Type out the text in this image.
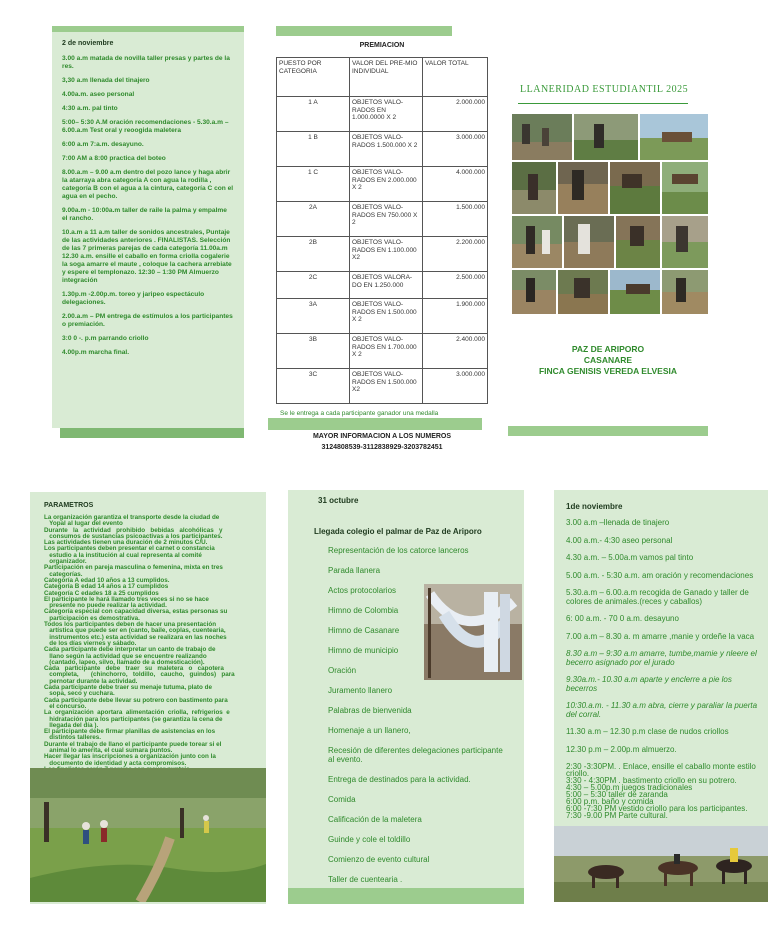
2 de noviembre
3.00 a.m matada de novilla taller presas y partes de la res.
3,30 a.m llenada del tinajero
4.00a.m. aseo personal
4:30 a.m. pal tinto
5:00– 5:30 A.M oración recomendaciones - 5.30.a.m – 6.00.a.m Test oral y reoogida maletera
6:00 a.m 7:a.m. desayuno.
7:00 AM a 8:00 practica del boteo
8.00.a.m – 9.00 a.m dentro del pozo lance y haga abrir la atarraya abra categoría A con agua la rodilla , categoría B con el agua a la cintura, categoría C con el agua en el pecho.
9.00a.m - 10:00a.m taller de raile la palma y empalme el rancho.
10.a.m a 11 a.m taller de sonidos ancestrales, Puntaje de las actividades anteriores . FINALISTAS. Selección de las 7 primeras parejas de cada categoría 11.00a.m 12.30 a.m. ensille el caballo en forma criolla cogalerie la soga amarre el maute , coloque la cachera arrebiate y espere el templonazo. 12:30 – 1:30 PM Almuerzo integración
1.30p.m -2.00p.m. toreo y jaripeo espectáculo delegaciones.
2.00.a.m – PM entrega de estímulos a los participantes o premiación.
3:0 0 -. p.m parrando criollo
4.00p.m marcha final.
PREMIACION
PUESTO POR CATEGORIA	VALOR DEL PRE-MIO INDIVIDUAL	VALOR TOTAL
1 A	OBJETOS VALO-RADOS EN 1.000.0000 X 2	2.000.000
1 B	OBJETOS VALO-RADOS 1.500.000 X 2	3.000.000
1 C	OBJETOS VALO-RADOS EN 2.000.000 X 2	4.000.000
2A	OBJETOS VALO-RADOS EN 750.000 X 2	1.500.000
2B	OBJETOS VALO-RADOS EN 1.100.000 X2	2.200.000
2C	OBJETOS VALORA-DO EN 1.250.000	2.500.000
3A	OBJETOS VALO-RADOS EN 1.500.000 X 2	1.900.000
3B	OBJETOS VALO-RADOS EN 1.700.000 X 2	2.400.000
3C	OBJETOS VALO-RADOS EN 1.500.000 X2	3.000.000
Se le entrega a cada participante ganador una medalla
MAYOR INFORMACION A LOS NUMEROS
3124808539-3112838929-3203782451
LLANERIDAD ESTUDIANTIL 2025
PAZ DE ARIPORO
CASANARE
FINCA GENISIS VEREDA ELVESIA
PARAMETROS
La organización garantiza el transporte desde la ciudad de
Yopal al lugar del evento
Durante   la   actividad   prohibido   bebidas   alcohólicas   y
consumos de sustancias psicoactivas a los participantes.
Las actividades tienen una duración de 2 minutos C/U.
Los participantes deben presentar el carnet o constancia
estudio a la institución al cual representa al comité
organizador.
Participación en pareja masculina o femenina, mixta en tres
categorías.
Categoría A edad 10 años a 13 cumplidos.
Categoría B edad 14 años a 17 cumplidos
Categoría C edades 18 a 25 cumplidos
El participante le hará llamado tres veces si no se hace
presente no puede realizar la actividad.
Categoría especial con capacidad diversa, estas personas su
participación es demostrativa.
Todos los participantes deben de hacer una presentación
artística que puede ser en (canto, baile, coplas, cuentearia,
instrumentos etc.) esta actividad se realizara en las noches
de los días viernes y sábado.
Cada participante debe interpretar un canto de trabajo de
llano según la actividad que se encuentre realizando
(cantado, lapeo, silvo, llamado de a domesticación).
Cada   participante   debe   traer   su   maletera   o   capotera
completa,       (chinchorro,   toldillo,   caucho,   guindos)   para
pernotar durante la actividad.
Cada participante debe traer su menaje tutuma, plato de
sopa, seco y cuchara.
Cada participante debe llevar su potrero con bastimento para
el concurso.
La  organización  aportara  alimentación  criolla,  refrigerios  e
hidratación para los participantes (se garantiza la cena de
llegada del día ).
El participante debe firmar planillas de asistencias en los
distintos talleres.
Durante el trabajo de llano el participante puede torear si el
animal lo amerita, el cual sumara puntos.
Hacer llegar las inscripciones a organización junto con la
documento de identidad y acta compromisos.
31 octubre
Llegada colegio el palmar de Paz de Ariporo
Representación de los catorce lanceros
Parada llanera
Actos protocolarios
Himno de Colombia
Himno de Casanare
Himno de municipio
Oración
Juramento llanero
Palabras de bienvenida
Homenaje a un llanero,
Recesión de diferentes delegaciones participante al evento.
Entrega de destinados para la actividad.
Comida
Calificación de la maletera
Guinde y cole el toldillo
Comienzo de evento cultural
Taller de cuentearia .
1de noviembre
3.00 a.m –llenada de tinajero
4.00 a.m.- 4:30 aseo personal
4.30 a.m. – 5.00a.m vamos pal tinto
5.00 a.m. - 5:30 a.m. am oración y recomendaciones
5.30.a.m – 6.00.a.m recogida de Ganado y taller de colores de animales.(reces y caballos)
6: 00 a.m. - 70 0 a.m. desayuno
7.00 a.m – 8.30 a. m amarre ,manie y ordeñe la vaca
8.30 a.m – 9:30 a.m amarre, tumbe,mamie y nleere el becerro asignado por el jurado
9.30a.m.- 10.30 a.m aparte y enclerre a pie los becerros
10:30.a.m. - 11.30 a.m abra, cierre y paraliar la puerta del corral.
11.30 a.m – 12.30 p.m clase de nudos criollos
12.30 p.m – 2.00p.m almuerzo.
2:30 -3:30PM. . Enlace, ensille el caballo monte estilo criollo.
3:30 - 4:30PM . bastimento criollo en su potrero.
4:30 – 5.00p.m juegos tradicionales
5:00 – 5:30 taller de zaranda
6:00 p.m. baño y comida
6:00 -7:30 PM vestido criollo para los participantes.
7:30 -9.00 PM Parte cultural.
